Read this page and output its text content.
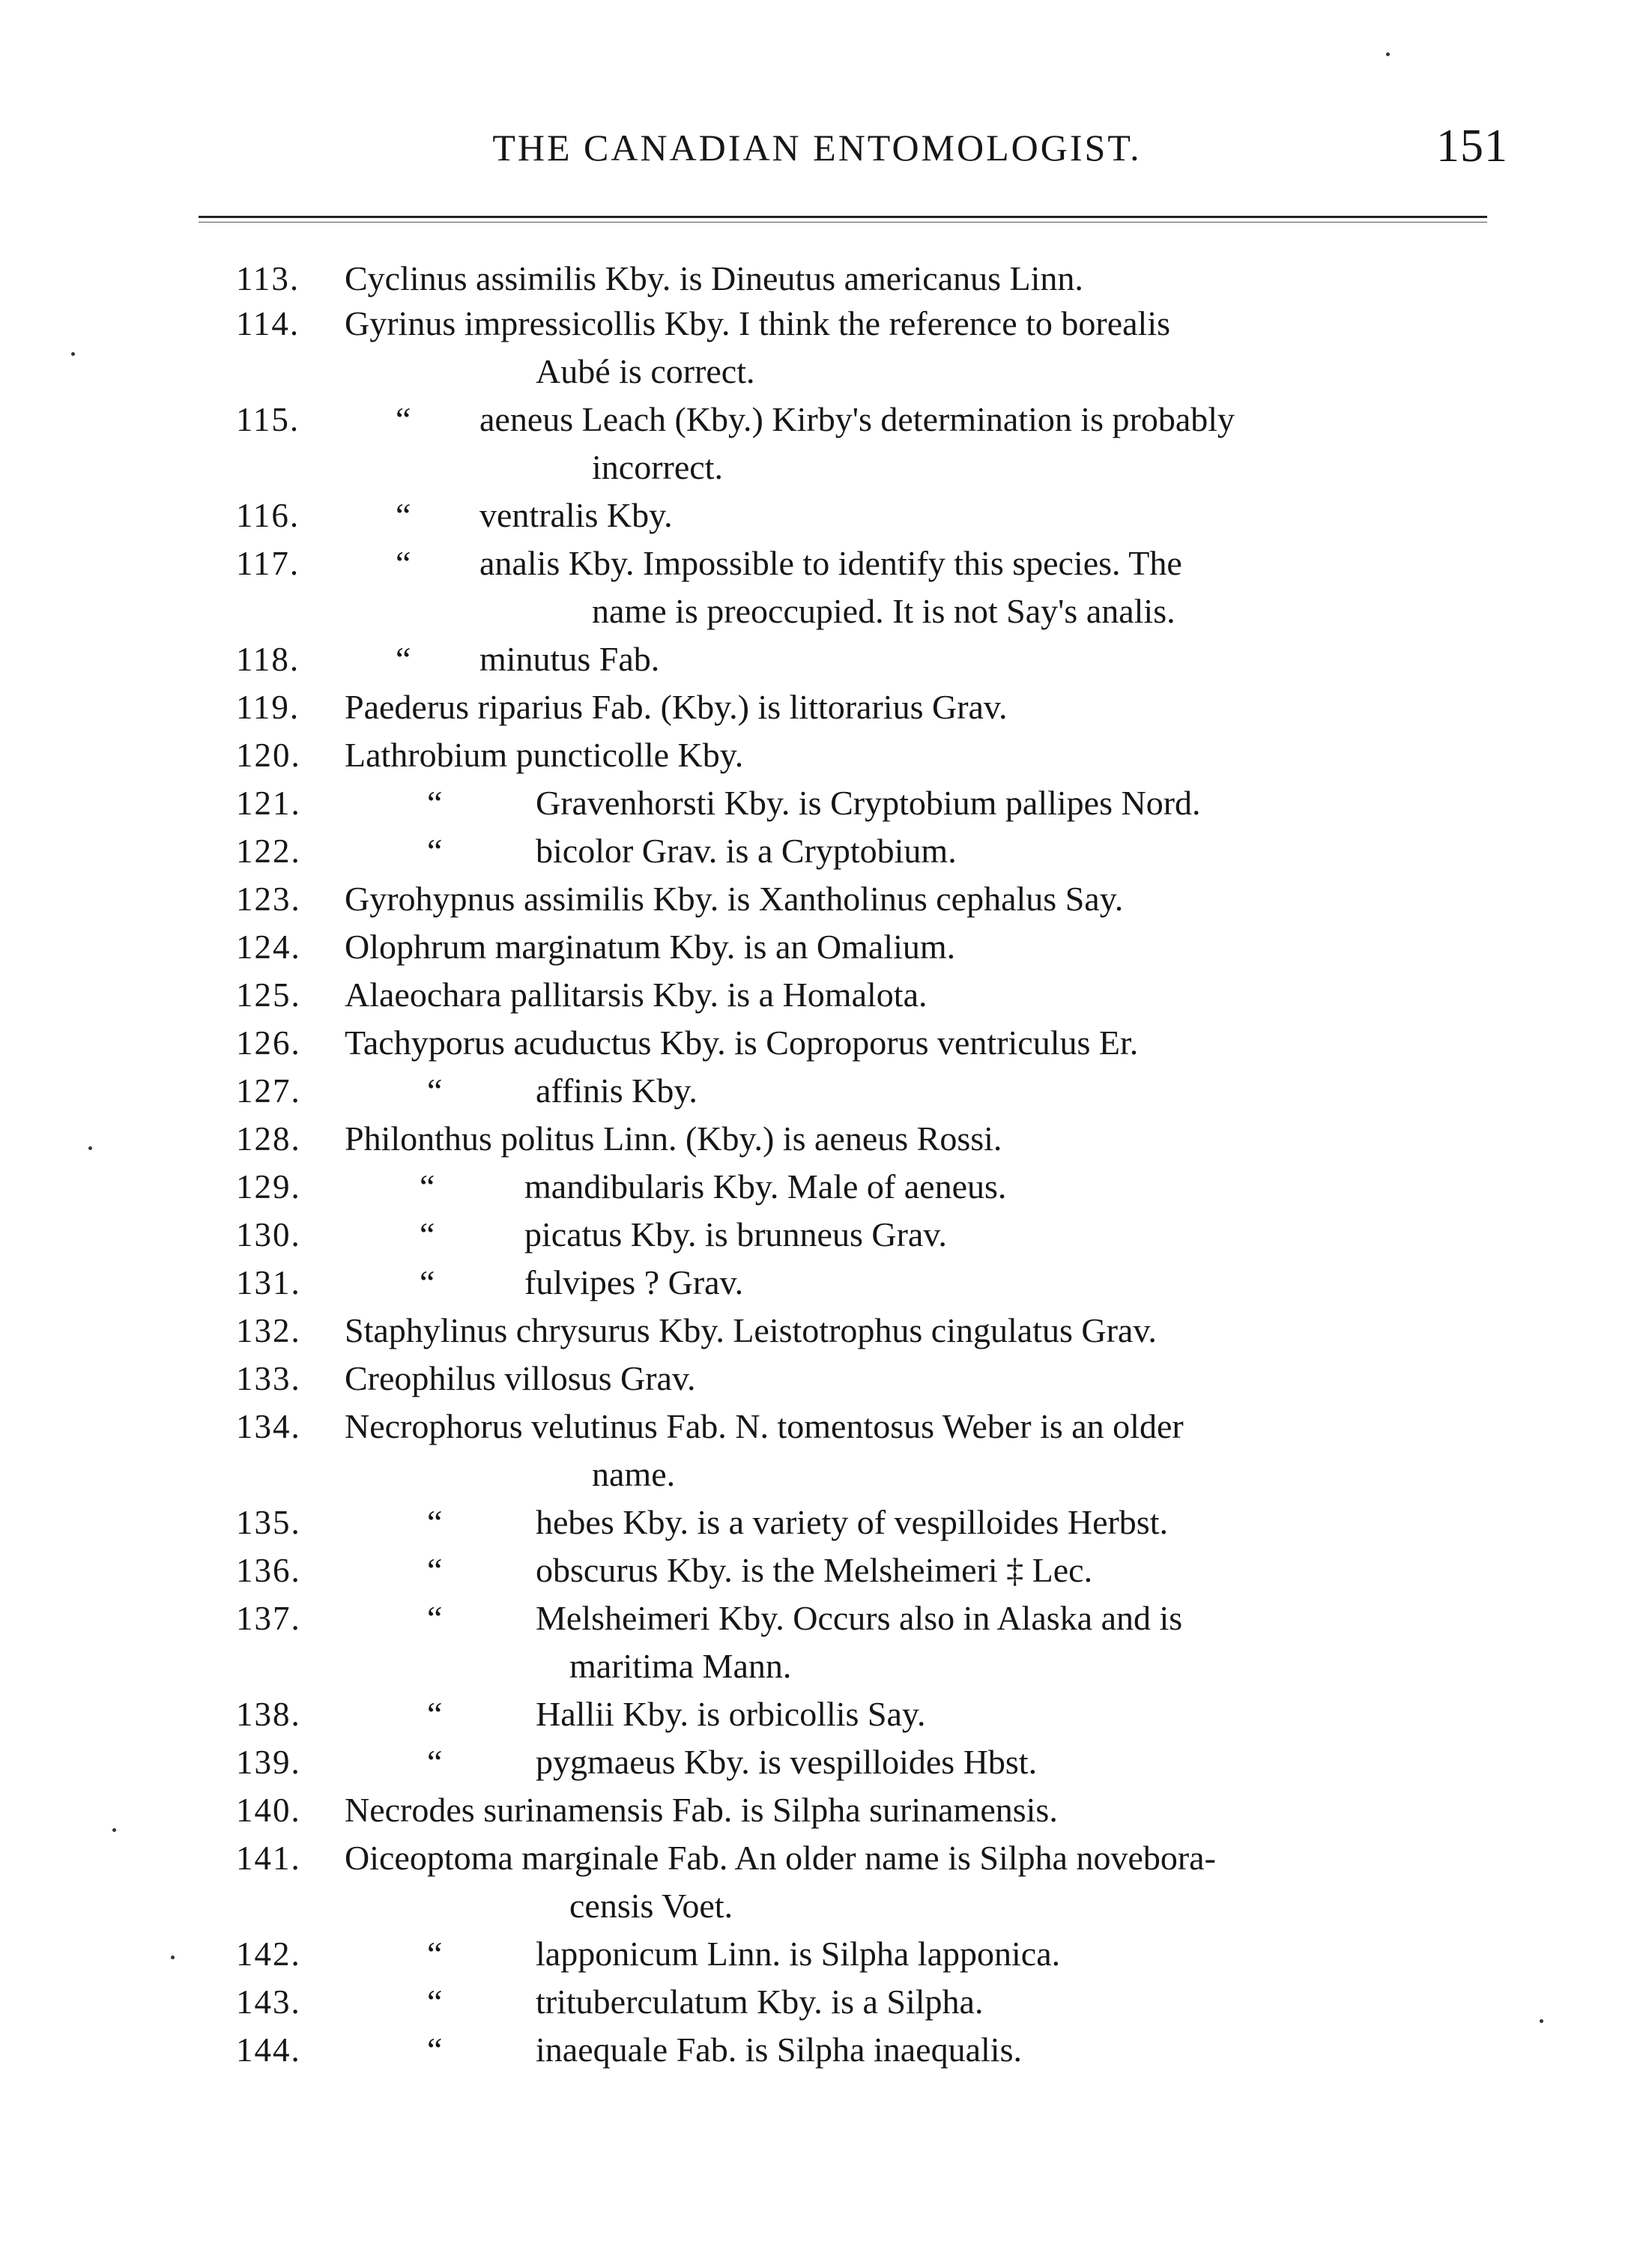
THE CANADIAN ENTOMOLOGIST.	151
113. Cyclinus assimilis Kby. is Dineutus americanus Linn.
114. Gyrinus impressicollis Kby. I think the reference to borealis
Aubé is correct.
115.	“ aeneus Leach (Kby.) Kirby's determination is probably
incorrect.
116.	“ ventralis Kby.
117.	“ analis Kby. Impossible to identify this species. The
name is preoccupied. It is not Say's analis.
118.	“ minutus Fab.
119. Paederus riparius Fab. (Kby.) is littorarius Grav.
120. Lathrobium puncticolle Kby.
121.	“	Gravenhorsti Kby. is Cryptobium pallipes Nord.
122.	“	bicolor Grav. is a Cryptobium.
123. Gyrohypnus assimilis Kby. is Xantholinus cephalus Say.
124. Olophrum marginatum Kby. is an Omalium.
125. Alaeochara pallitarsis Kby. is a Homalota.
126. Tachyporus acuductus Kby. is Coproporus ventriculus Er.
127.	“	affinis Kby.
128. Philonthus politus Linn. (Kby.) is aeneus Rossi.
129.	“	mandibularis Kby. Male of aeneus.
130.	“	picatus Kby. is brunneus Grav.
131.	“	fulvipes ? Grav.
132. Staphylinus chrysurus Kby. Leistotrophus cingulatus Grav.
133. Creophilus villosus Grav.
134. Necrophorus velutinus Fab. N. tomentosus Weber is an older
name.
135.	“	hebes Kby. is a variety of vespilloides Herbst.
136.	“	obscurus Kby. is the Melsheimeri ‡ Lec.
137.	“	Melsheimeri Kby. Occurs also in Alaska and is
maritima Mann.
138.	“	Hallii Kby. is orbicollis Say.
139.	“	pygmaeus Kby. is vespilloides Hbst.
140. Necrodes surinamensis Fab. is Silpha surinamensis.
141. Oiceoptoma marginale Fab. An older name is Silpha novebora-
censis Voet.
142.	“	lapponicum Linn. is Silpha lapponica.
143.	“	trituberculatum Kby. is a Silpha.
144.	“	inaequale Fab. is Silpha inaequalis.
